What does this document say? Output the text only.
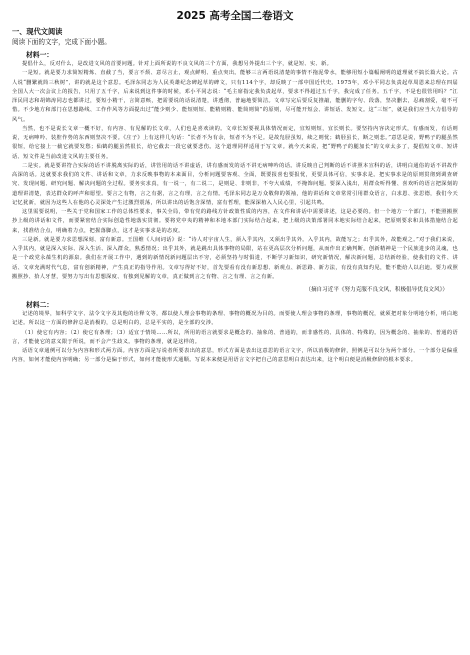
2025 高考全国二卷语文
一、现代文阅读
阅读下面的文字，完成下面小题。
材料一：

提倡什么，反对什么，是改进文风的首要问题。针对上面所说的不良文风的三个方面，我想另外提出三个字，就是短、实、新。

一是短。就是要力求简短精炼、直截了当，要言不烦、意尽言止，观点鲜明、重点突出。能够三言两语说清楚的事情不拖泥带水，能够用短小篇幅阐明的道理就不搞长篇大论。古人说“删繁就简三秋树”，讲的就是这个意思。毛泽东同志为人民英雄纪念碑起草的碑文，只有114个字，却反映了一部中国近代史。1975年，邓小平同志负责起草周恩来总理在四届全国人大一次会议上的报告，只用了五千字，后来说到这件事的时候，邓小平同志说：“毛主席指定我负责起草，要求不得超过五千字，我完成了任务。五千字，不是也很管用吗？”江泽民同志和胡锦涛同志也都讲过，要短小精干，言简意赅，把需要说的话说清楚，讲透彻，普遍地要简洁。文章写完后要反复推敲，能删的字句、段落，坚决删去，忍痛割爱，毫不可惜。不少地方和部门在思想路线、工作作风等方面提出过“能少则少、能短则短、能精则精、能简则简”的原则，尽可能开短会、讲短话、发短文。这“三短”，就是我们应当大力倡导的风气。

当然，也不是说长文章一概不好，有内容、有见解的长文章，人们也是喜欢读的。文章长短要视具体情况而定，宜短则短，宜长则长。要坚持内容决定形式，有感而发，有话则说，无病呻吟、装腔作势的东西则坚决不要。《庄子》上有这样几句话：“长者不为有余，短者不为不足。是故凫胫虽短，续之则忧；鹤胫虽长，断之则悲。”意思是说，野鸭子的腿虽然很短，给它接上一截它就要发愁；仙鹤的腿虽然很长，给它截去一段它就要悲伤。这个道理同样适用于写文章。就今天来说，把“野鸭子的腿加长”的文章太多了，提倡短文章、短讲话、短文件是当前改进文风的主要任务。

二是实。就是要讲符合实际的话不讲脱离实际的话，讲管用的话不讲虚话，讲有感而发的话不讲无病呻吟的话。讲反映自己判断的话不讲照本宣科的话，讲明白通俗的话不讲故作高深的话。这就要求我们的文件、讲话和文章，力求反映事物的本来面目，分析问题要客观、全面，既要报喜也要报忧，更要具体可信，实事求是。把实事求是的原则贯彻到调查研究、发现问题、研究问题、解决问题的全过程。要务实求真，有一说一，有二说二，是则是、非则非，不夸大成绩，不掩饰问题。要深入浅出，用群众听得懂、喜欢听的语言把深刻的道理讲清楚，表达群众的呼声和愿望。要言之有物，言之有据，言之有理，言之有情。毛泽东同志是万众敬仰的领袖，他的讲话和文章常常引用群众语言，白求恩、张思德，我们今天记忆犹新，就因为这些人在他的心灵深处产生过激烈震荡，所以讲出的话饱含深情，富有哲理，能深深植入人民心里，引起共鸣。

这里需要说明，一些关于党和国家工作的总体性要求，事关全局，带有党的路线方针政策性质的内容，在文件和讲话中需要讲述，这是必要的。但一个地方一个部门，不能照搬照抄上级的讲话和文件，而要紧密结合实际创造性地落实贯彻。要将党中央的精神和本地本部门实际结合起来，把上级的决策部署同本地实际结合起来，把原则要求和具体措施结合起来，找准结合点，明确着力点，把握落脚点，这才是实事求是的态度。

三是新。就是要力求思想深刻、富有新意。王国维《人间词话》说：“诗人对宇宙人生，须入乎其内，又须出乎其外。入乎其内，故能写之；出乎其外，故能观之。”对于我们来说，入乎其内，就是深入实际、深入生活、深入群众，熟悉情况；出乎其外，就是跳出具体事物的局限，站在更高层次分析问题，从而作出正确判断。创新精神是一个民族进步的灵魂，也是一个政党永葆生机的源泉。我们在开展工作中，遇到的新情况新问题层出不穷，必须坚持与时俱进，不断学习新知识，研究新情况，解决新问题，总结新经验，使我们的文件、讲话、文章充满时代气息，富有创新精神，产生真正的指导作用。文章写得好不好，首先要看有没有新思想、新观点、新思路、新方法，有没有真知灼见，能不能给人以启迪。要力戒照搬照抄、拾人牙慧，要努力写出有思想深度、有独到见解的文章，真正做到言之有物、言之有理、言之有新。

（摘自习近平《努力克服不良文风，积极倡导优良文风》）
材料二：

记述的境界，如科学文字、法令文字及其他的诠释文等，都以使人理会事物的条理、事物的概况为目的。而要使人理会事物的条理，事物的概况，就须把对象分明地分析，明白地记述。所以这一方面的修辞总是消极的，总是明白的，总是平实的，是全部的交涉。

（1）使它有内容；（2）使它有条理；（3）适宜于情境……所以，所用的语言就要求是概念的、抽象的、普通的，而非感性的、具体的、特殊的。因为概念的、抽象的、普通的语言，才能使它的意义限于所说，而不会产生歧义。事物的条理，就是这样的。

话语文章通例可以分为内容和形式两方面。内容方面是写说者所要表出的意思，形式方面是表出这意思的语言文字，所以消极的修辞，照例是可以分为两个部分。一个部分是偏重内容，如何才能使内容明确；另一部分是偏于形式，如何才能使形式通顺。写说本来便是用语言文字把自己的意思明白表达出来，这个明白便是消极修辞的根本要求。
